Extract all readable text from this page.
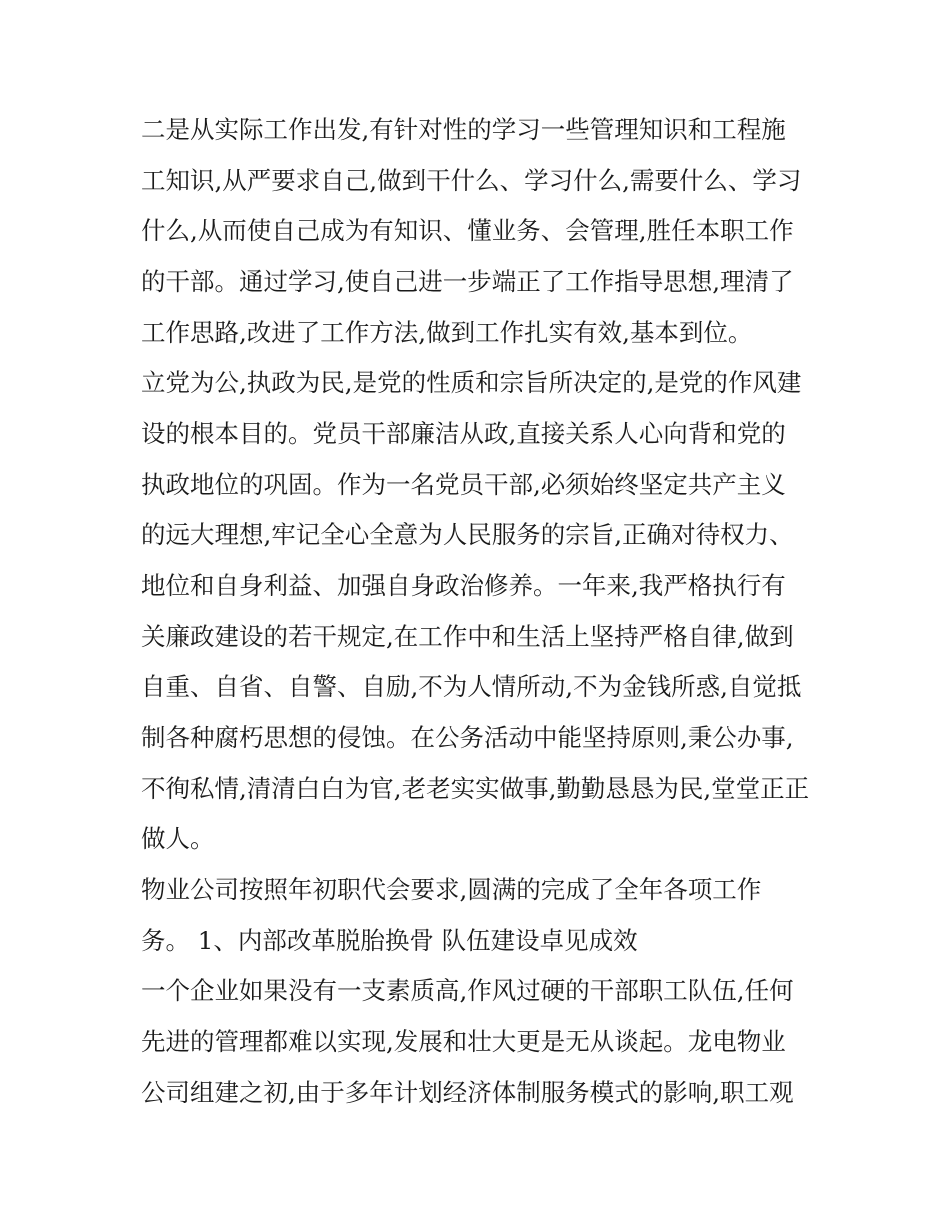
二是从实际工作出发,有针对性的学习一些管理知识和工程施
工知识,从严要求自己,做到干什么、学习什么,需要什么、学习
什么,从而使自己成为有知识、懂业务、会管理,胜任本职工作
的干部。通过学习,使自己进一步端正了工作指导思想,理清了
工作思路,改进了工作方法,做到工作扎实有效,基本到位。
立党为公,执政为民,是党的性质和宗旨所决定的,是党的作风建
设的根本目的。党员干部廉洁从政,直接关系人心向背和党的
执政地位的巩固。作为一名党员干部,必须始终坚定共产主义
的远大理想,牢记全心全意为人民服务的宗旨,正确对待权力、
地位和自身利益、加强自身政治修养。一年来,我严格执行有
关廉政建设的若干规定,在工作中和生活上坚持严格自律,做到
自重、自省、自警、自励,不为人情所动,不为金钱所惑,自觉抵
制各种腐朽思想的侵蚀。在公务活动中能坚持原则,秉公办事,
不徇私情,清清白白为官,老老实实做事,勤勤恳恳为民,堂堂正正
做人。
物业公司按照年初职代会要求,圆满的完成了全年各项工作
务。 1、内部改革脱胎换骨 队伍建设卓见成效
一个企业如果没有一支素质高,作风过硬的干部职工队伍,任何
先进的管理都难以实现,发展和壮大更是无从谈起。龙电物业
公司组建之初,由于多年计划经济体制服务模式的影响,职工观
